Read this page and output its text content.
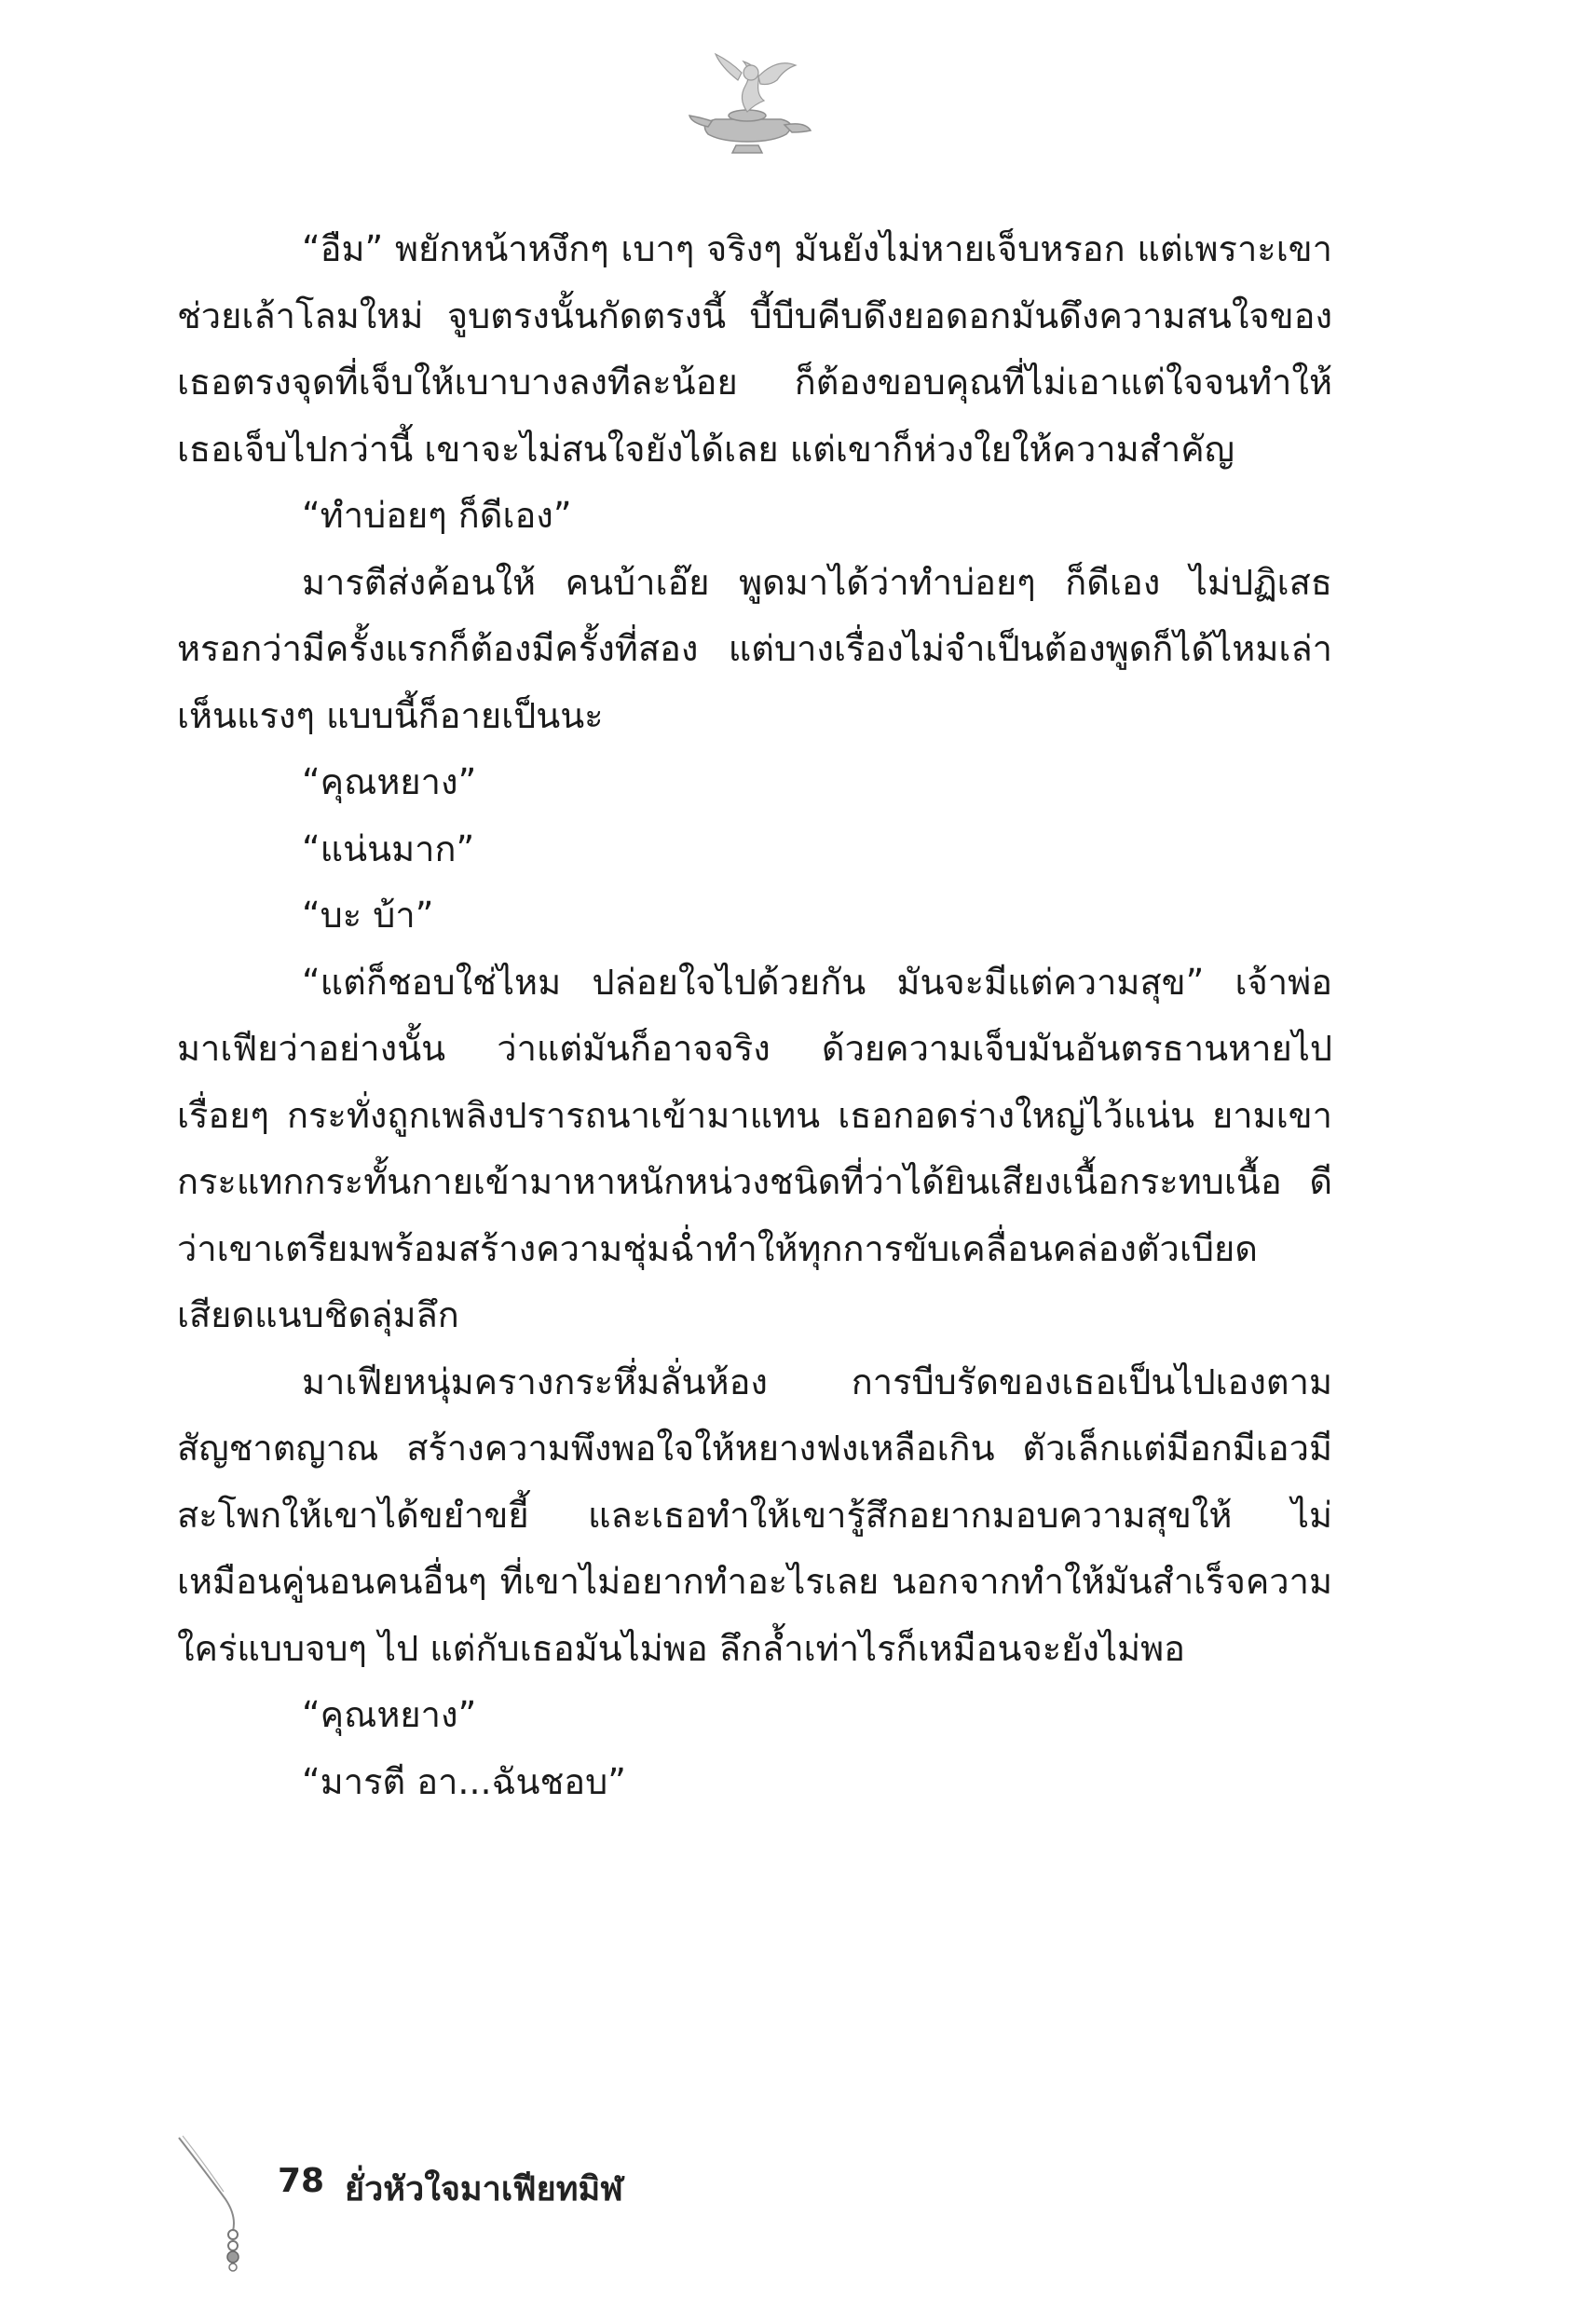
“อืม” พยักหน้าหงึกๆ เบาๆ จริงๆ มันยังไม่หายเจ็บหรอก แต่เพราะเขาช่วยเล้าโลมใหม่ จูบตรงนั้นกัดตรงนี้ บี้บีบคีบดึงยอดอกมันดึงความสนใจของเธอตรงจุดที่เจ็บให้เบาบางลงทีละน้อย ก็ต้องขอบคุณที่ไม่เอาแต่ใจจนทำให้เธอเจ็บไปกว่านี้ เขาจะไม่สนใจยังได้เลย แต่เขาก็ห่วงใยให้ความสำคัญ

“ทำบ่อยๆ ก็ดีเอง”

มารตีส่งค้อนให้ คนบ้าเอ๊ย พูดมาได้ว่าทำบ่อยๆ ก็ดีเอง ไม่ปฏิเสธหรอกว่ามีครั้งแรกก็ต้องมีครั้งที่สอง แต่บางเรื่องไม่จำเป็นต้องพูดก็ได้ไหมเล่า เห็นแรงๆ แบบนี้ก็อายเป็นนะ

“คุณหยาง”

“แน่นมาก”

“บะ บ้า”

“แต่ก็ชอบใช่ไหม ปล่อยใจไปด้วยกัน มันจะมีแต่ความสุข” เจ้าพ่อมาเฟียว่าอย่างนั้น ว่าแต่มันก็อาจจริง ด้วยความเจ็บมันอันตรธานหายไปเรื่อยๆ กระทั่งถูกเพลิงปรารถนาเข้ามาแทน เธอกอดร่างใหญ่ไว้แน่น ยามเขากระแทกกระทั้นกายเข้ามาหาหนักหน่วงชนิดที่ว่าได้ยินเสียงเนื้อกระทบเนื้อ ดีว่าเขาเตรียมพร้อมสร้างความชุ่มฉ่ำทำให้ทุกการขับเคลื่อนคล่องตัวเบียดเสียดแนบชิดลุ่มลึก

มาเฟียหนุ่มครางกระหึ่มลั่นห้อง การบีบรัดของเธอเป็นไปเองตามสัญชาตญาณ สร้างความพึงพอใจให้หยางฟงเหลือเกิน ตัวเล็กแต่มีอกมีเอวมีสะโพกให้เขาได้ขยำขยี้ และเธอทำให้เขารู้สึกอยากมอบความสุขให้ ไม่เหมือนคู่นอนคนอื่นๆ ที่เขาไม่อยากทำอะไรเลย นอกจากทำให้มันสำเร็จความใคร่แบบจบๆ ไป แต่กับเธอมันไม่พอ ลึกล้ำเท่าไรก็เหมือนจะยังไม่พอ

“คุณหยาง”

“มารตี อา...ฉันชอบ”

78 ยั่วหัวใจมาเฟียทมิฬ
